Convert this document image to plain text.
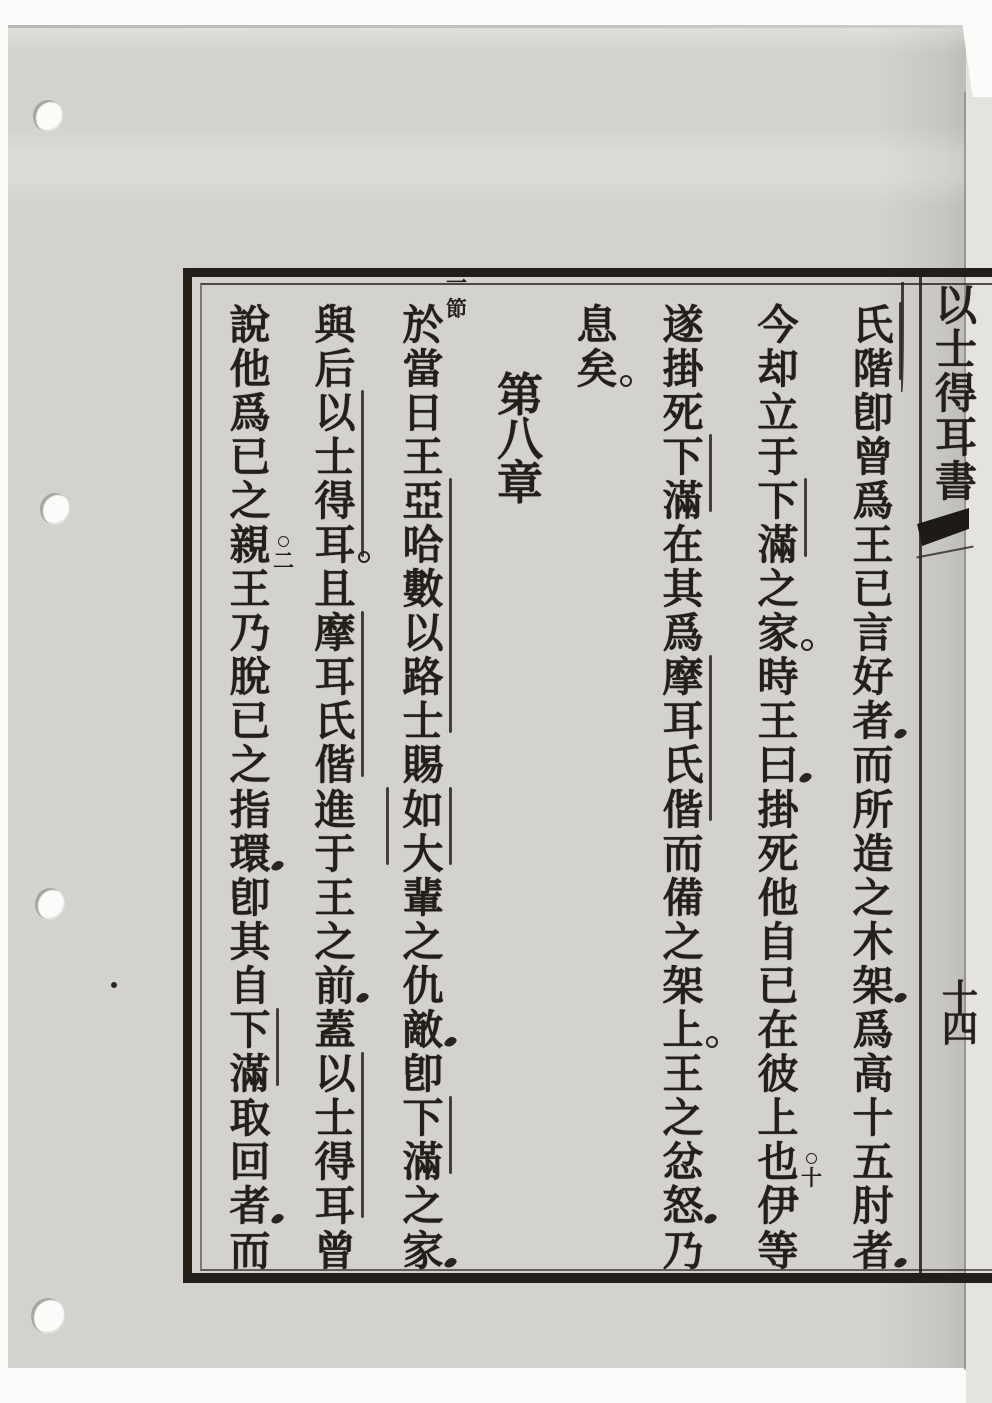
以
士
得
耳
書
十
四
氏
階
卽
曾
爲
王
已
言
好
者
而
所
造
之
木
架
爲
高
十
五
肘
者
今
却
立
于
下
滿
之
家
時
王
曰
掛
死
他
自
已
在
彼
上
也
伊
等
十
遂
掛
死
下
滿
在
其
爲
摩
耳
氏
偕
而
備
之
架
上
王
之
忿
怒
乃
息
矣
第
八
章
於
當
日
王
亞
哈
數
以
路
士
賜
如
大
輩
之
仇
敵
卽
下
滿
之
家
一
節
與
后
以
士
得
耳
且
摩
耳
氏
偕
進
于
王
之
前
蓋
以
士
得
耳
曾
說
他
爲
已
之
親
王
乃
脫
已
之
指
環
卽
其
自
下
滿
取
回
者
而
二
